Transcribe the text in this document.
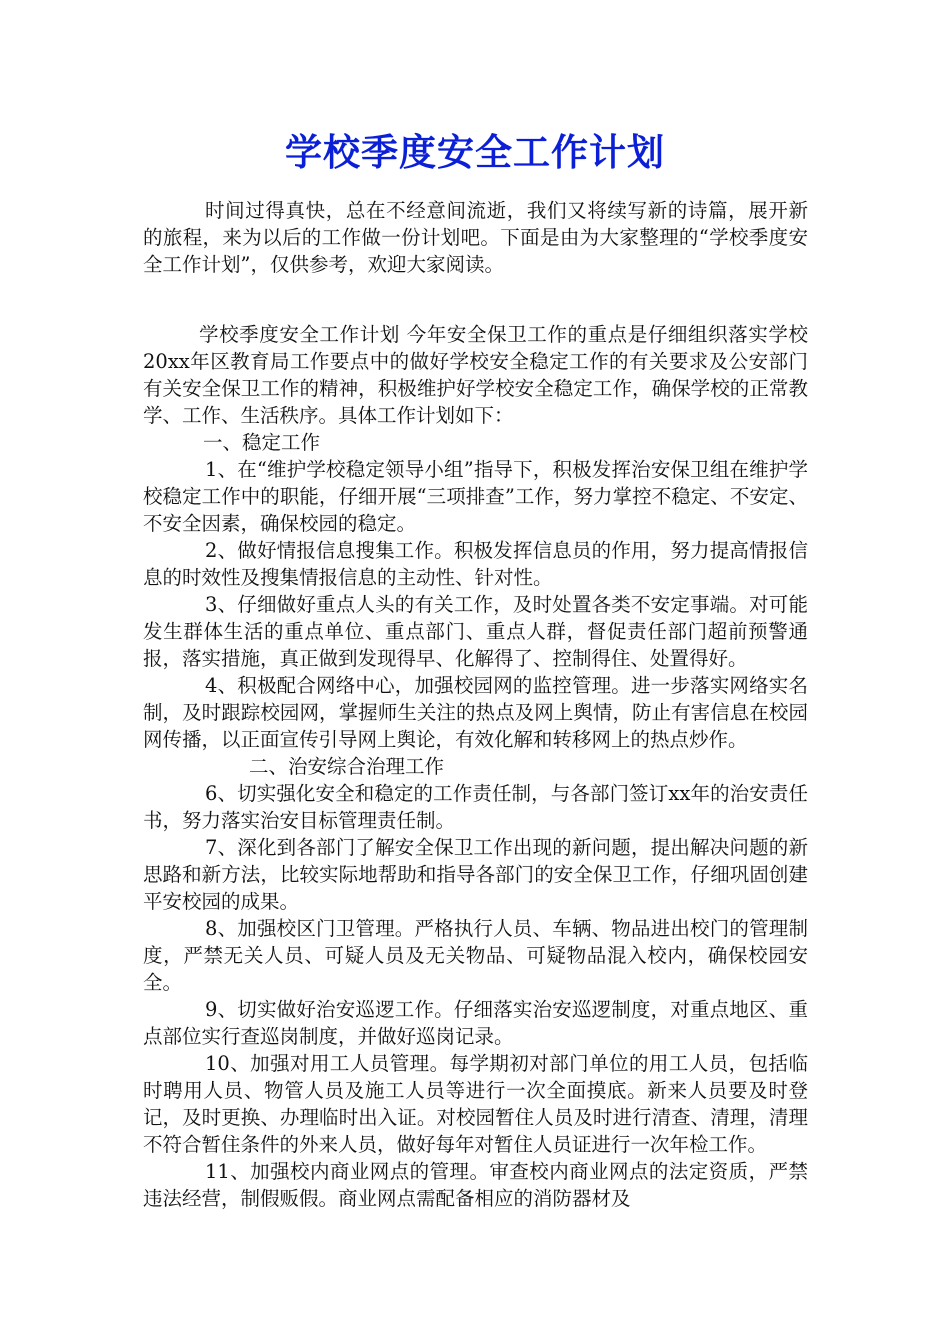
学校季度安全工作计划

时间过得真快，总在不经意间流逝，我们又将续写新的诗篇，展开新的旅程，来为以后的工作做一份计划吧。下面是由为大家整理的“学校季度安全工作计划”，仅供参考，欢迎大家阅读。

学校季度安全工作计划 今年安全保卫工作的重点是仔细组织落实学校20xx年区教育局工作要点中的做好学校安全稳定工作的有关要求及公安部门有关安全保卫工作的精神，积极维护好学校安全稳定工作，确保学校的正常教学、工作、生活秩序。具体工作计划如下：

一、稳定工作

1、在“维护学校稳定领导小组”指导下，积极发挥治安保卫组在维护学校稳定工作中的职能，仔细开展“三项排查”工作，努力掌控不稳定、不安定、不安全因素，确保校园的稳定。

2、做好情报信息搜集工作。积极发挥信息员的作用，努力提高情报信息的时效性及搜集情报信息的主动性、针对性。

3、仔细做好重点人头的有关工作，及时处置各类不安定事端。对可能发生群体生活的重点单位、重点部门、重点人群，督促责任部门超前预警通报，落实措施，真正做到发现得早、化解得了、控制得住、处置得好。

4、积极配合网络中心，加强校园网的监控管理。进一步落实网络实名制，及时跟踪校园网，掌握师生关注的热点及网上舆情，防止有害信息在校园网传播，以正面宣传引导网上舆论，有效化解和转移网上的热点炒作。

二、治安综合治理工作

6、切实强化安全和稳定的工作责任制，与各部门签订xx年的治安责任书，努力落实治安目标管理责任制。

7、深化到各部门了解安全保卫工作出现的新问题，提出解决问题的新思路和新方法，比较实际地帮助和指导各部门的安全保卫工作，仔细巩固创建平安校园的成果。

8、加强校区门卫管理。严格执行人员、车辆、物品进出校门的管理制度，严禁无关人员、可疑人员及无关物品、可疑物品混入校内，确保校园安全。

9、切实做好治安巡逻工作。仔细落实治安巡逻制度，对重点地区、重点部位实行查巡岗制度，并做好巡岗记录。

10、加强对用工人员管理。每学期初对部门单位的用工人员，包括临时聘用人员、物管人员及施工人员等进行一次全面摸底。新来人员要及时登记，及时更换、办理临时出入证。对校园暂住人员及时进行清查、清理，清理不符合暂住条件的外来人员，做好每年对暂住人员证进行一次年检工作。

11、加强校内商业网点的管理。审查校内商业网点的法定资质，严禁违法经营，制假贩假。商业网点需配备相应的消防器材及
